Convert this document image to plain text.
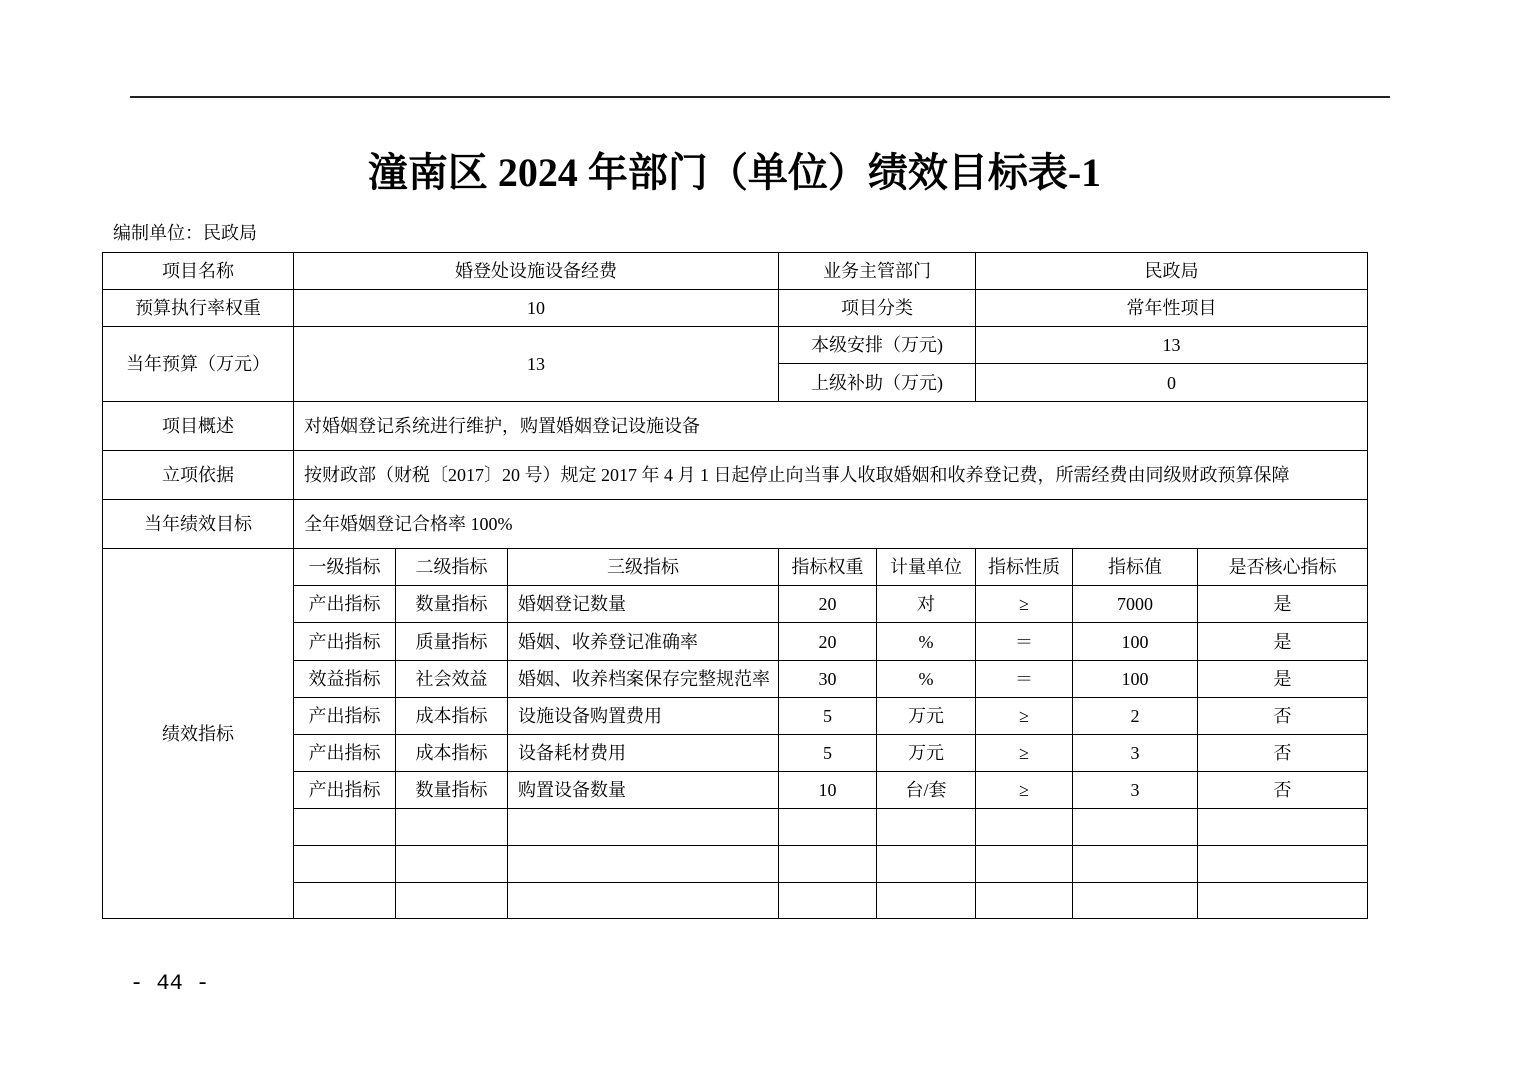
潼南区 2024 年部门（单位）绩效目标表-1
编制单位：民政局
项目名称	婚登处设施设备经费			业务主管部门		民政局		
预算执行率权重	10			项目分类		常年性项目		
当年预算（万元）	13			本级安排（万元)		13		
				上级补助（万元)		0		
项目概述	对婚姻登记系统进行维护，购置婚姻登记设施设备							
立项依据	按财政部（财税〔2017〕20 号）规定 2017 年 4 月 1 日起停止向当事人收取婚姻和收养登记费，所需经费由同级财政预算保障							
当年绩效目标	全年婚姻登记合格率 100%							
绩效指标	一级指标	二级指标	三级指标	指标权重	计量单位	指标性质	指标值	是否核心指标
	产出指标	数量指标	婚姻登记数量	20	对	≥	7000	是
	产出指标	质量指标	婚姻、收养登记准确率	20	%	＝	100	是
	效益指标	社会效益	婚姻、收养档案保存完整规范率	30	%	＝	100	是
	产出指标	成本指标	设施设备购置费用	5	万元	≥	2	否
	产出指标	成本指标	设备耗材费用	5	万元	≥	3	否
	产出指标	数量指标	购置设备数量	10	台/套	≥	3	否

- 44 -
